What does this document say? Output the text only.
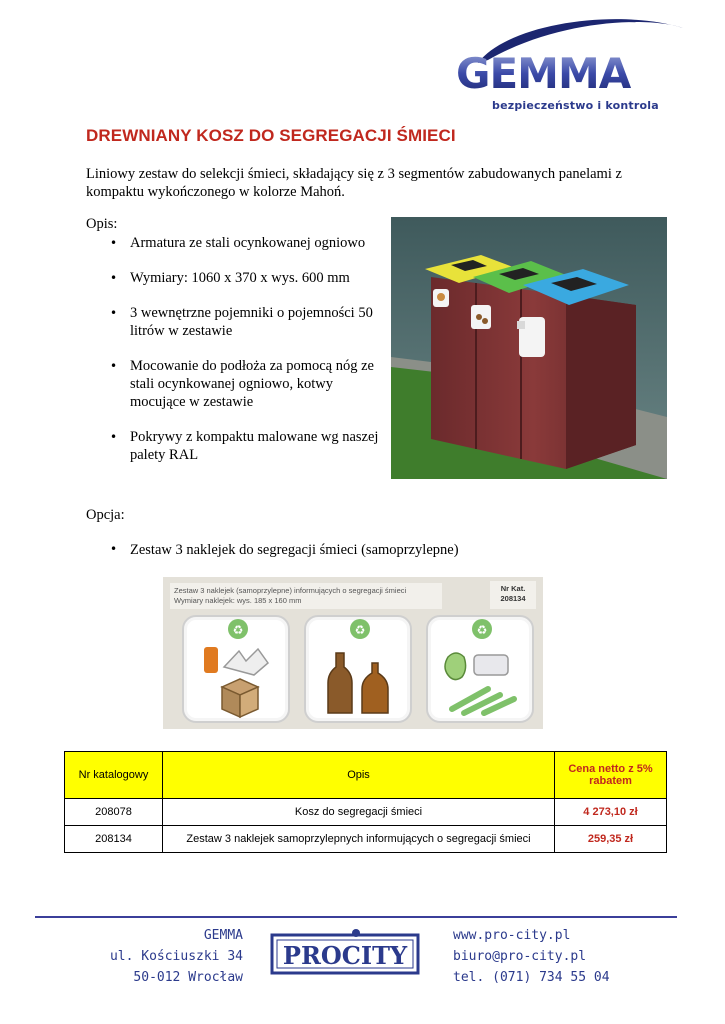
GEMMA
bezpieczeństwo i kontrola
DREWNIANY KOSZ DO SEGREGACJI ŚMIECI

Liniowy zestaw do selekcji śmieci, składający się z 3 segmentów zabudowanych panelami z kompaktu wykończonego w kolorze Mahoń.

Opis:
• Armatura ze stali ocynkowanej ogniowo
• Wymiary: 1060 x 370 x wys. 600 mm
• 3 wewnętrzne pojemniki o pojemności 50 litrów w zestawie
• Mocowanie do podłoża za pomocą nóg ze stali ocynkowanej ogniowo, kotwy mocujące w zestawie
• Pokrywy z kompaktu malowane wg naszej palety RAL
Opcja:
• Zestaw 3 naklejek do segregacji śmieci (samoprzylepne)
Zestaw 3 naklejek (samoprzylepne) informujących o segregacji śmieci
Wymiary naklejek: wys. 185 x 160 mm
Nr Kat.
208134
♻	♻	♻
Nr katalogowy	Opis	Cena netto z 5% rabatem
208078	Kosz do segregacji śmieci	4 273,10 zł
208134	Zestaw 3 naklejek samoprzylepnych informujących o segregacji śmieci	259,35 zł
GEMMA
ul. Kościuszki 34
50-012 Wrocław
PROCITY
www.pro-city.pl
biuro@pro-city.pl
tel. (071) 734 55 04
